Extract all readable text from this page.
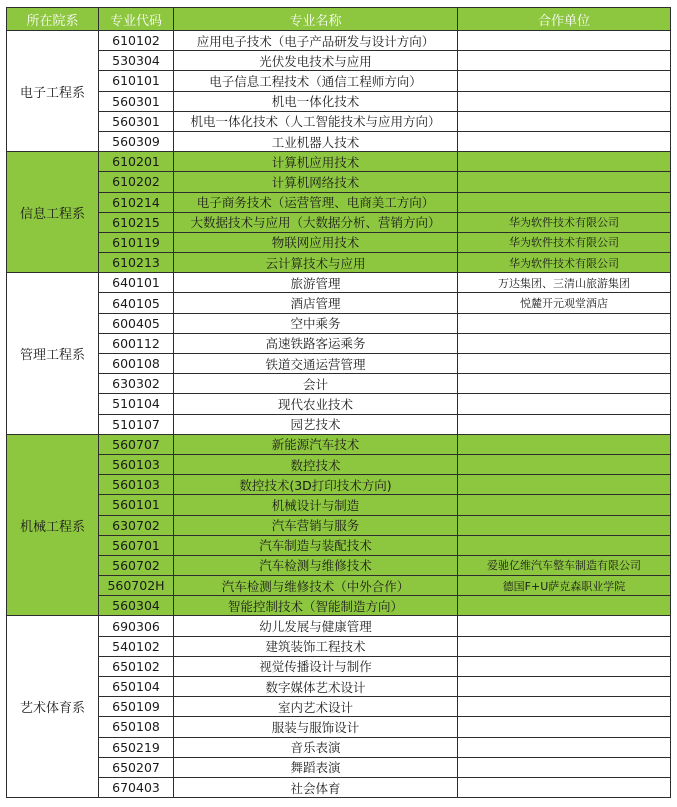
所在院系	专业代码	专业名称	合作单位
电子工程系	610102	应用电子技术（电子产品研发与设计方向）	
	530304	光伏发电技术与应用	
	610101	电子信息工程技术（通信工程师方向）	
	560301	机电一体化技术	
	560301	机电一体化技术（人工智能技术与应用方向）	
	560309	工业机器人技术	
信息工程系	610201	计算机应用技术	
	610202	计算机网络技术	
	610214	电子商务技术（运营管理、电商美工方向）	
	610215	大数据技术与应用（大数据分析、营销方向）	华为软件技术有限公司
	610119	物联网应用技术	华为软件技术有限公司
	610213	云计算技术与应用	华为软件技术有限公司
管理工程系	640101	旅游管理	万达集团、三清山旅游集团
	640105	酒店管理	悦麓开元观堂酒店
	600405	空中乘务	
	600112	高速铁路客运乘务	
	600108	铁道交通运营管理	
	630302	会计	
	510104	现代农业技术	
	510107	园艺技术	
机械工程系	560707	新能源汽车技术	
	560103	数控技术	
	560103	数控技术(3D打印技术方向)	
	560101	机械设计与制造	
	630702	汽车营销与服务	
	560701	汽车制造与装配技术	
	560702	汽车检测与维修技术	爱驰亿维汽车整车制造有限公司
	560702H	汽车检测与维修技术（中外合作）	德国F+U萨克森职业学院
	560304	智能控制技术（智能制造方向）	
艺术体育系	690306	幼儿发展与健康管理	
	540102	建筑装饰工程技术	
	650102	视觉传播设计与制作	
	650104	数字媒体艺术设计	
	650109	室内艺术设计	
	650108	服装与服饰设计	
	650219	音乐表演	
	650207	舞蹈表演	
	670403	社会体育	
